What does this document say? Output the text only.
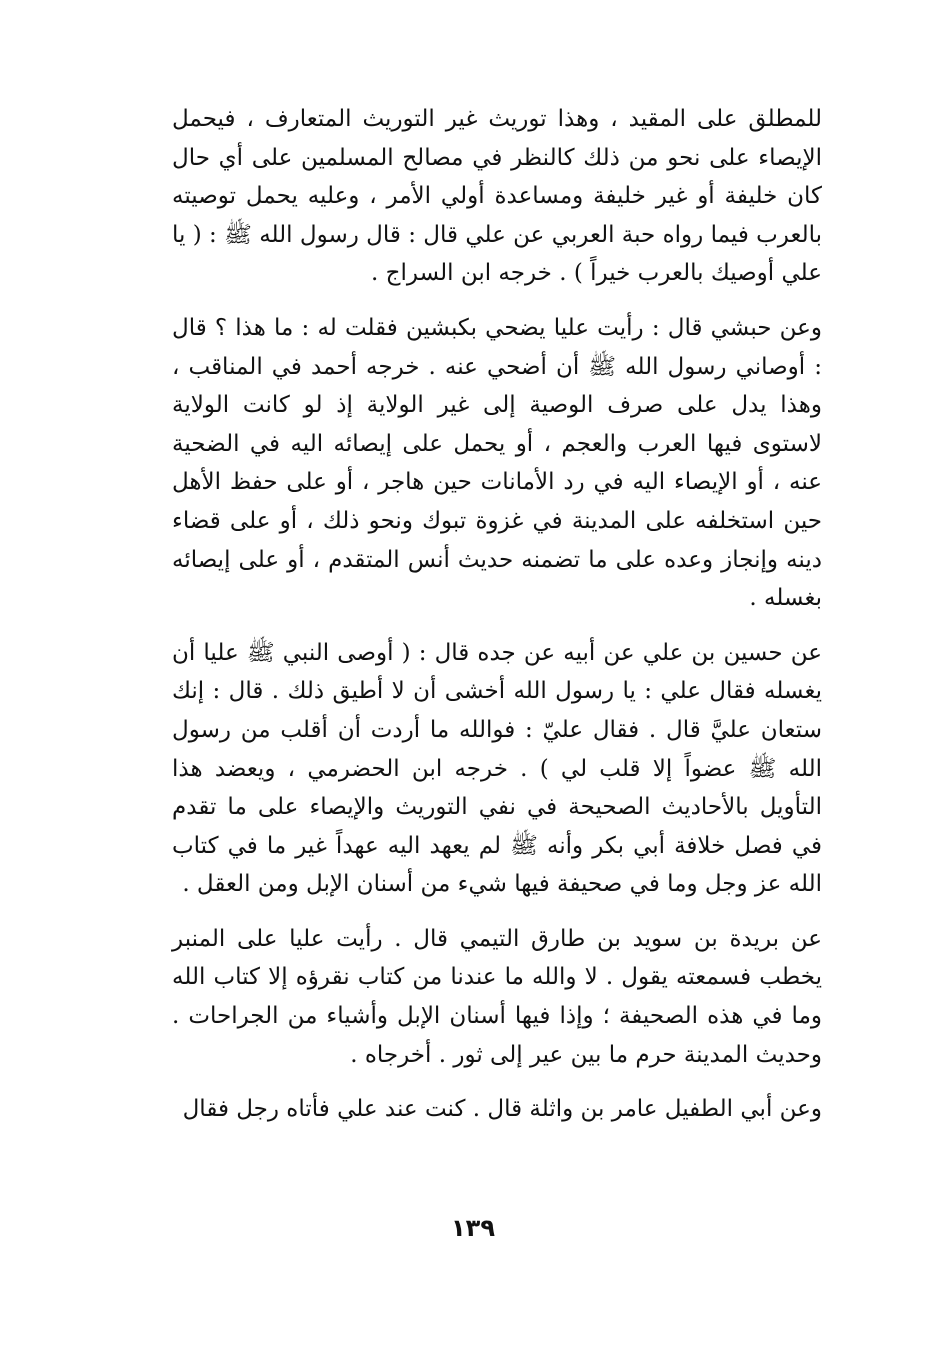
للمطلق على المقيد ، وهذا توريث غير التوريث المتعارف ، فيحمل الإيصاء على نحو من ذلك كالنظر في مصالح المسلمين على أي حال كان خليفة أو غير خليفة ومساعدة أولي الأمر ، وعليه يحمل توصيته بالعرب فيما رواه حبة العربي عن علي قال : قال رسول الله ﷺ : ( يا علي أوصيك بالعرب خيراً ) . خرجه ابن السراج .

وعن حبشي قال : رأيت عليا يضحي بكبشين فقلت له : ما هذا ؟ قال : أوصاني رسول الله ﷺ أن أضحي عنه . خرجه أحمد في المناقب ، وهذا يدل على صرف الوصية إلى غير الولاية إذ لو كانت الولاية لاستوى فيها العرب والعجم ، أو يحمل على إيصائه اليه في الضحية عنه ، أو الإيصاء اليه في رد الأمانات حين هاجر ، أو على حفظ الأهل حين استخلفه على المدينة في غزوة تبوك ونحو ذلك ، أو على قضاء دينه وإنجاز وعده على ما تضمنه حديث أنس المتقدم ، أو على إيصائه بغسله .

عن حسين بن علي عن أبيه عن جده قال : ( أوصى النبي ﷺ عليا أن يغسله فقال علي : يا رسول الله أخشى أن لا أطيق ذلك . قال : إنك ستعان عليَّ قال . فقال عليّ : فوالله ما أردت أن أقلب من رسول الله ﷺ عضواً إلا قلب لي ) . خرجه ابن الحضرمي ، ويعضد هذا التأويل بالأحاديث الصحيحة في نفي التوريث والإيصاء على ما تقدم في فصل خلافة أبي بكر وأنه ﷺ لم يعهد اليه عهداً غير ما في كتاب الله عز وجل وما في صحيفة فيها شيء من أسنان الإبل ومن العقل .

عن بريدة بن سويد بن طارق التيمي قال . رأيت عليا على المنبر يخطب فسمعته يقول . لا والله ما عندنا من كتاب نقرؤه إلا كتاب الله وما في هذه الصحيفة ؛ وإذا فيها أسنان الإبل وأشياء من الجراحات . وحديث المدينة حرم ما بين عير إلى ثور . أخرجاه .

وعن أبي الطفيل عامر بن واثلة قال . كنت عند علي فأتاه رجل فقال

١٣٩
